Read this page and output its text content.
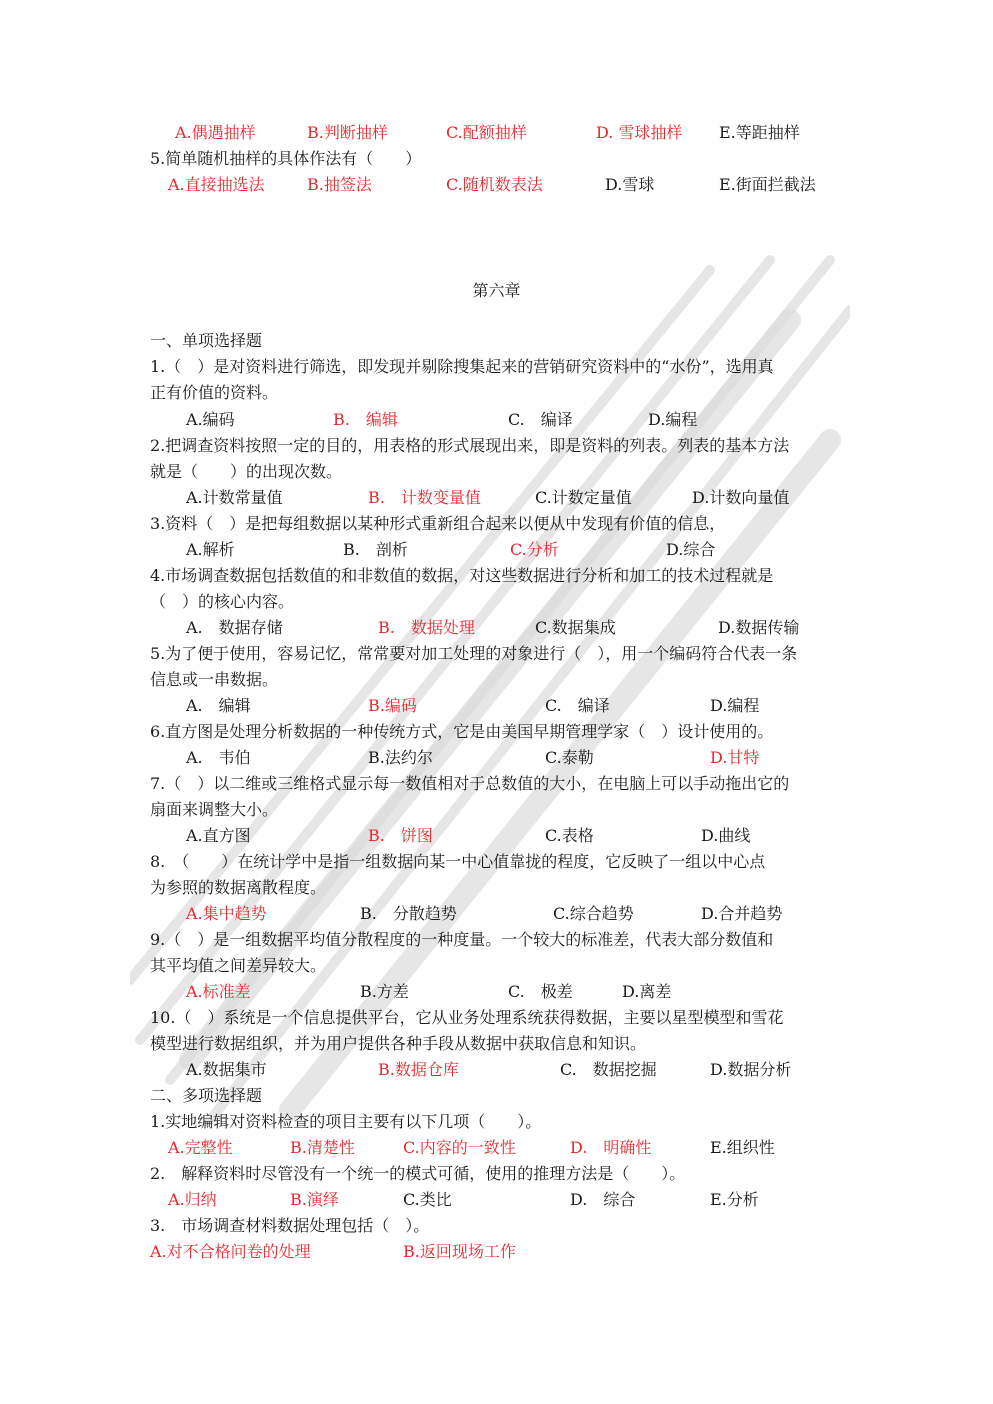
A.偶遇抽样	B.判断抽样	C.配额抽样	D. 雪球抽样 E.等距抽样
5.简单随机抽样的具体作法有（　　）
A.直接抽选法	B.抽签法	C.随机数表法	D.雪球	E.街面拦截法
第六章
一、单项选择题
1.（　）是对资料进行筛选，即发现并剔除搜集起来的营销研究资料中的“水份”，选用真
正有价值的资料。
A.编码	B.　编辑	C.　编译	D.编程
2.把调查资料按照一定的目的，用表格的形式展现出来，即是资料的列表。列表的基本方法
就是（　　）的出现次数。
A.计数常量值	B.　计数变量值	C.计数定量值	D.计数向量值
3.资料（　）是把每组数据以某种形式重新组合起来以便从中发现有价值的信息，
A.解析	B.　剖析	C.分析	D.综合
4.市场调查数据包括数值的和非数值的数据，对这些数据进行分析和加工的技术过程就是
（　）的核心内容。
A.　数据存储	B.　数据处理	C.数据集成	D.数据传输
5.为了便于使用，容易记忆，常常要对加工处理的对象进行（　），用一个编码符合代表一条
信息或一串数据。
A.　编辑	B.编码	C.　编译	D.编程
6.直方图是处理分析数据的一种传统方式，它是由美国早期管理学家（　）设计使用的。
A.　韦伯	B.法约尔	C.泰勒	D.甘特
7.（　）以二维或三维格式显示每一数值相对于总数值的大小，在电脑上可以手动拖出它的
扇面来调整大小。
A.直方图	B.　饼图	C.表格	D.曲线
8.　（　　）在统计学中是指一组数据向某一中心值靠拢的程度，它反映了一组以中心点
为参照的数据离散程度。
A.集中趋势	B.　分散趋势	C.综合趋势	D.合并趋势
9.（　）是一组数据平均值分散程度的一种度量。一个较大的标准差，代表大部分数值和
其平均值之间差异较大。
A.标准差	B.方差	C.　极差	D.离差
10.（　）系统是一个信息提供平台，它从业务处理系统获得数据，主要以星型模型和雪花
模型进行数据组织，并为用户提供各种手段从数据中获取信息和知识。
A.数据集市	B.数据仓库	C.　数据挖掘	D.数据分析
二、多项选择题
1.实地编辑对资料检查的项目主要有以下几项（　　）。
A.完整性	B.清楚性	C.内容的一致性	D.　明确性	E.组织性
2.　解释资料时尽管没有一个统一的模式可循，使用的推理方法是（　　）。
A.归纳	B.演绎	C.类比	D.　综合	E.分析
3.　市场调查材料数据处理包括（　）。
A.对不合格问卷的处理	B.返回现场工作
